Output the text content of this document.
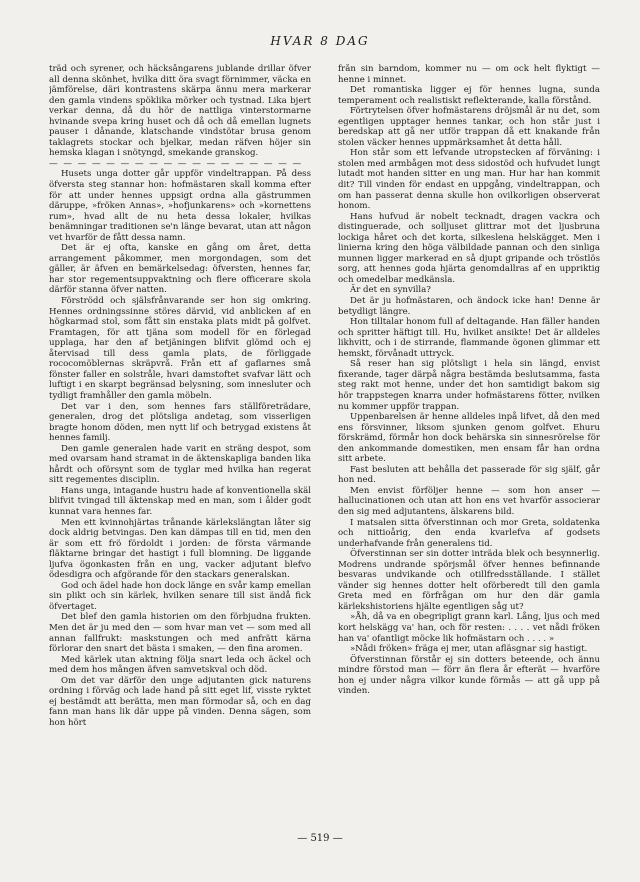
HVAR 8 DAG

träd och syrener, och häcksångarens jublande drillar öfver all denna skönhet, hvilka ditt öra svagt förnimmer, väcka en jämförelse, däri kontrastens skärpa ännu mera markerar den gamla vindens spöklika mörker och tystnad. Lika bjert verkar denna, då du hör de nattliga vinterstormarne hvinande svepa kring huset och då och då emellan lugnets pauser i dånande, klatschande vindstötar brusa genom taklagrets stockar och bjelkar, medan räfven höjer sin hemska klagan i snötyngd, smekande granskog.

— — — — — — — — — — — — — — — — — —

Husets unga dotter går uppför vindeltrappan. På dess öfversta steg stannar hon: hofmästaren skall komma efter för att under hennes uppsigt ordna alla gästrummen däruppe, »fröken Annas», »hofjunkarens» och »kornettens rum», hvad allt de nu heta dessa lokaler, hvilkas benämningar traditionen se'n länge bevarat, utan att någon vet hvarför de fått dessa namn.

Det är ej ofta, kanske en gång om året, detta arrangement påkommer, men morgondagen, som det gäller, är äfven en bemärkelsedag: öfversten, hennes far, har stor regementsuppvaktning och flere officerare skola därför stanna öfver natten.

Förströdd och själsfrånvarande ser hon sig omkring. Hennes ordningssinne störes därvid, vid anblicken af en högkarmad stol, som fått sin enstaka plats midt på golfvet. Framtagen, för att tjäna som modell för en förlegad upplaga, har den af betjäningen blifvit glömd och ej återvisad till dess gamla plats, de förliggade rococomöblernas skräpvrå. Från ett af gaflarnes små fönster faller en solstråle, hvari damstoftet svafvar lätt och luftigt i en skarpt begränsad belysning, som innesluter och tydligt framhåller den gamla möbeln.

Det var i den, som hennes fars ställföreträdare, generalen, drog det plötsliga andetag, som visserligen bragte honom döden, men nytt lif och betrygad existens åt hennes familj.

Den gamle generalen hade varit en sträng despot, som med ovarsam hand stramat in de äktenskapliga banden lika hårdt och oförsynt som de tyglar med hvilka han regerat sitt regementes disciplin.

Hans unga, intagande hustru hade af konventionella skäl blifvit tvingad till äktenskap med en man, som i ålder godt kunnat vara hennes far.

Men ett kvinnohjärtas trånande kärlekslängtan låter sig dock aldrig betvingas. Den kan dämpas till en tid, men den är som ett frö fördoldt i jorden: de första värmande fläktarne bringar det hastigt i full blomning. De liggande ljufva ögonkasten från en ung, vacker adjutant blefvo ödesdigra och afgörande för den stackars generalskan.

God och ädel hade hon dock länge en svår kamp emellan sin plikt och sin kärlek, hvilken senare till sist ändå fick öfvertaget.

Det blef den gamla historien om den förbjudna frukten. Men det är ju med den — som hvar man vet — som med all annan fallfrukt: maskstungen och med anfrätt kärna förlorar den snart det bästa i smaken, — den fina aromen.

Med kärlek utan aktning följa snart leda och äckel och med dem hos mången äfven samvetskval och död.

Om det var därför den unge adjutanten gick naturens ordning i förväg och lade hand på sitt eget lif, visste ryktet ej bestämdt att berätta, men man förmodar så, och en dag fann man hans lik där uppe på vinden. Denna sägen, som hon hört

från sin barndom, kommer nu — om ock helt flyktigt — henne i minnet.

Det romantiska ligger ej för hennes lugna, sunda temperament och realistiskt reflekterande, kalla förstånd.

Förtrytelsen öfver hofmästarens dröjsmål är nu det, som egentligen upptager hennes tankar, och hon står just i beredskap att gå ner utför trappan då ett knakande från stolen väcker hennes uppmärksamhet åt detta håll.

Hon står som ett lefvande utropstecken af förväning: i stolen med armbågen mot dess sidostöd och hufvudet lungt lutadt mot handen sitter en ung man. Hur har han kommit dit? Till vinden för endast en uppgång, vindeltrappan, och om han passerat denna skulle hon ovilkorligen observerat honom.

Hans hufvud är nobelt tecknadt, dragen vackra och distinguerade, och solljuset glittrar mot det ljusbruna lockiga håret och det korta, silkeslena helskägget. Men i linierna kring den höga välbildade pannan och den sinliga munnen ligger markerad en så djupt gripande och tröstlös sorg, att hennes goda hjärta genomdallras af en uppriktig och omedelbar medkänsla.

Är det en synvilla?

Det är ju hofmästaren, och ändock icke han! Denne är betydligt längre.

Hon tilltalar honom full af deltagande. Han fäller handen och spritter häftigt till. Hu, hvilket ansikte! Det är alldeles likhvitt, och i de stirrande, flammande ögonen glimmar ett hemskt, förvånadt uttryck.

Så reser han sig plötsligt i hela sin längd, envist fixerande, tager därpå några bestämda beslutsamma, fasta steg rakt mot henne, under det hon samtidigt bakom sig hör trappstegen knarra under hofmästarens fötter, nvilken nu kommer uppför trappan.

Uppenbarelsen är henne alldeles inpå lifvet, då den med ens försvinner, liksom sjunken genom golfvet. Ehuru förskrämd, förmår hon dock behärska sin sinnesrörelse för den ankommande domestiken, men ensam får han ordna sitt arbete.

Fast besluten att behålla det passerade för sig själf, går hon ned.

Men envist förföljer henne — som hon anser — hallucinationen och utan att hon ens vet hvarför associerar den sig med adjutantens, älskarens bild.

I matsalen sitta öfverstinnan och mor Greta, soldatenka och nittioårig, den enda kvarlefva af godsets underhafvande från generalens tid.

Öfverstinnan ser sin dotter inträda blek och besynnerlig. Modrens undrande spörjsmål öfver hennes befinnande besvaras undvikande och otillfredsställande. I stället vänder sig hennes dotter helt oförberedt till den gamla Greta med en förfrågan om hur den där gamla kärlekshistoriens hjälte egentligen såg ut?

»Åh, då va en obegripligt grann karl. Lång, ljus och med kort helskägg va' han, och för resten: . . . . vet nådi fröken han va' ofantligt möcke lik hofmästarn och . . . . »

»Nådi fröken» fräga ej mer, utan afläsgnar sig hastigt.

Öfverstinnan förstår ej sin dotters beteende, och ännu mindre förstod man — förr än flera år efterät — hvarföre hon ej under några vilkor kunde förmås — att gå upp på vinden.

— 519 —
